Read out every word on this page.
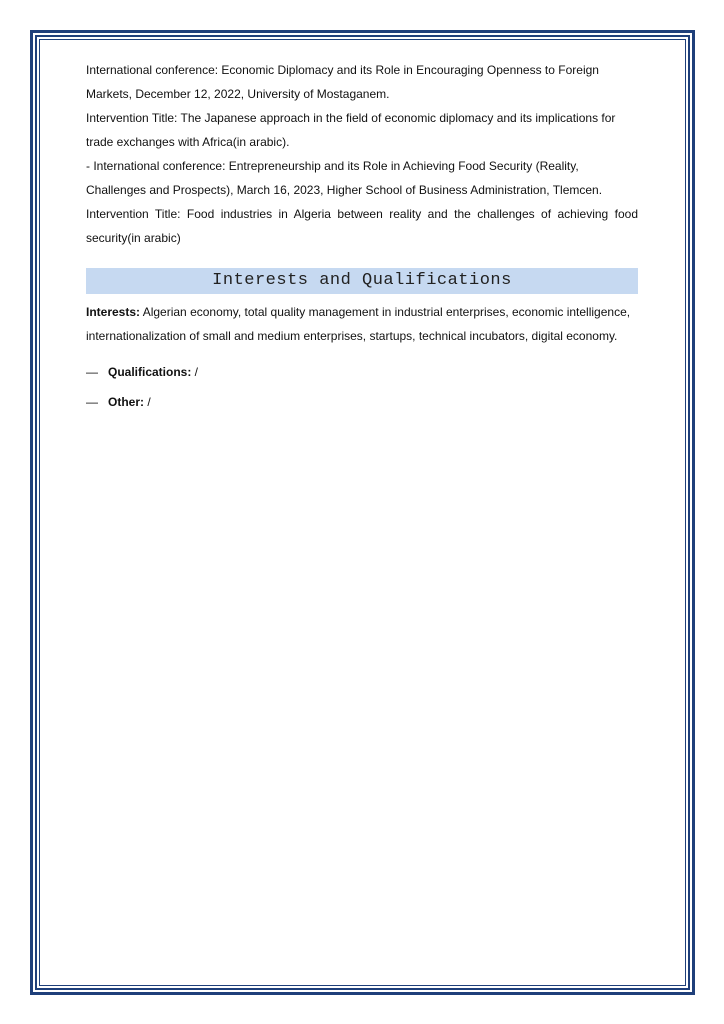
International conference: Economic Diplomacy and its Role in Encouraging Openness to Foreign Markets, December 12, 2022, University of Mostaganem.

Intervention Title: The Japanese approach in the field of economic diplomacy and its implications for trade exchanges with Africa(in arabic).

- International conference: Entrepreneurship and its Role in Achieving Food Security (Reality, Challenges and Prospects), March 16, 2023, Higher School of Business Administration, Tlemcen.

Intervention Title: Food industries in Algeria between reality and the challenges of achieving food security(in arabic)

Interests and Qualifications

Interests: Algerian economy, total quality management in industrial enterprises, economic intelligence, internationalization of small and medium enterprises, startups, technical incubators, digital economy.

— Qualifications: /
— Other: /
